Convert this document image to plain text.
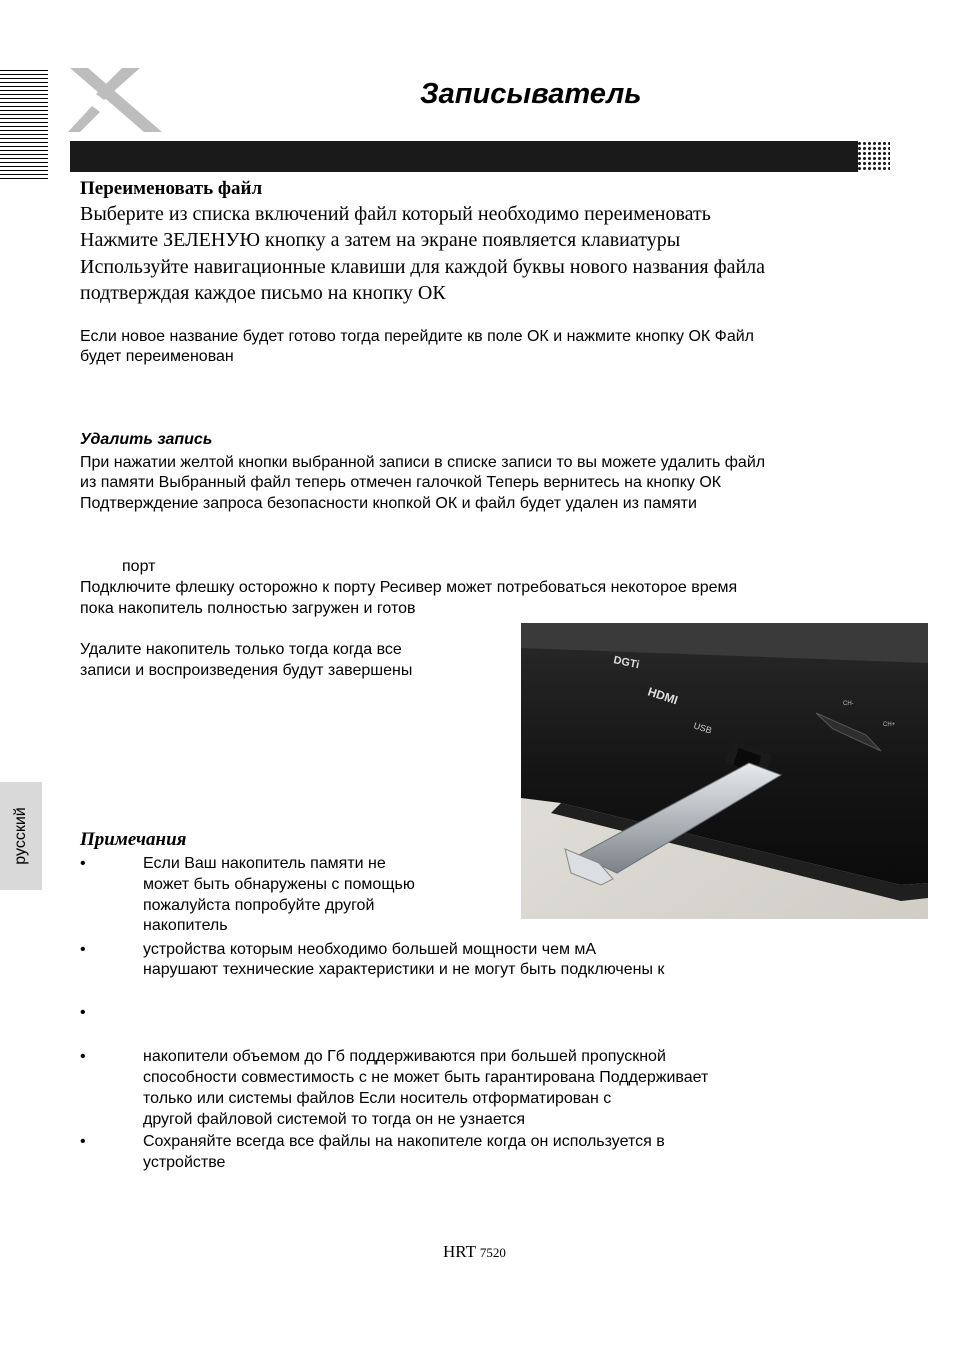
русский
Записыватель
Переименовать файл
Выберите из списка включений файл который необходимо переименовать
Нажмите ЗЕЛЕНУЮ кнопку а затем на экране появляется клавиатуры
Используйте навигационные клавиши для каждой буквы нового названия файла
подтверждая каждое письмо на кнопку ОК
Если новое название будет готово тогда перейдите кв поле ОК и нажмите кнопку ОК Файл
будет переименован
Удалить запись
При нажатии желтой кнопки выбранной записи в списке записи то вы можете удалить файл
из памяти Выбранный файл теперь отмечен галочкой Теперь вернитесь на кнопку ОК
Подтверждение запроса безопасности кнопкой ОК и файл будет удален из памяти
порт
Подключите флешку осторожно к порту Ресивер может потребоваться некоторое время
пока накопитель полностью загружен и готов
Удалите накопитель только тогда когда все
записи и воспроизведения будут завершены
CH-
CH+
DGTi
HDMI
USB
Примечания
•	Если Ваш накопитель памяти не
может быть обнаружены с помощью
пожалуйста попробуйте другой
накопитель
•	устройства которым необходимо большей мощности чем мА
нарушают технические характеристики и не могут быть подключены к
•
•	накопители объемом до Гб поддерживаются при большей пропускной
способности совместимость с не может быть гарантирована Поддерживает
только или системы файлов Если носитель отформатирован с
другой файловой системой то тогда он не узнается
•	Сохраняйте всегда все файлы на накопителе когда он используется в
устройстве
HRT 7520
